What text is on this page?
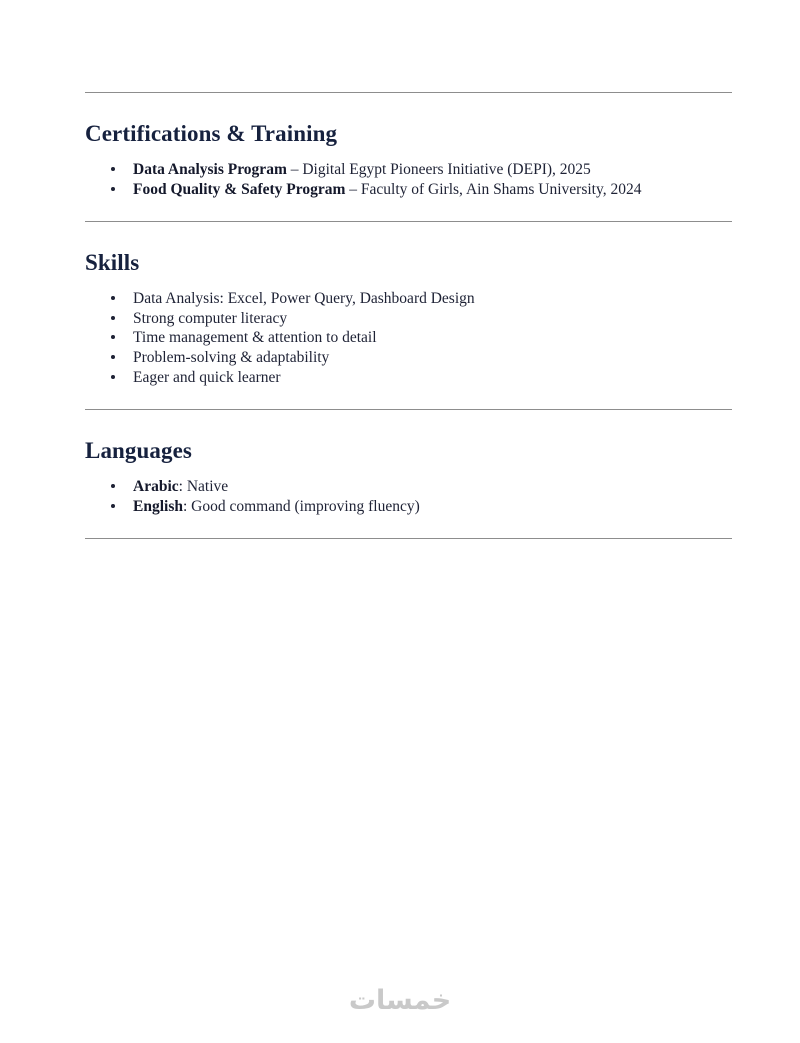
Certifications & Training
Data Analysis Program – Digital Egypt Pioneers Initiative (DEPI), 2025
Food Quality & Safety Program – Faculty of Girls, Ain Shams University, 2024
Skills
Data Analysis: Excel, Power Query, Dashboard Design
Strong computer literacy
Time management & attention to detail
Problem-solving & adaptability
Eager and quick learner
Languages
Arabic: Native
English: Good command (improving fluency)
خمسات
